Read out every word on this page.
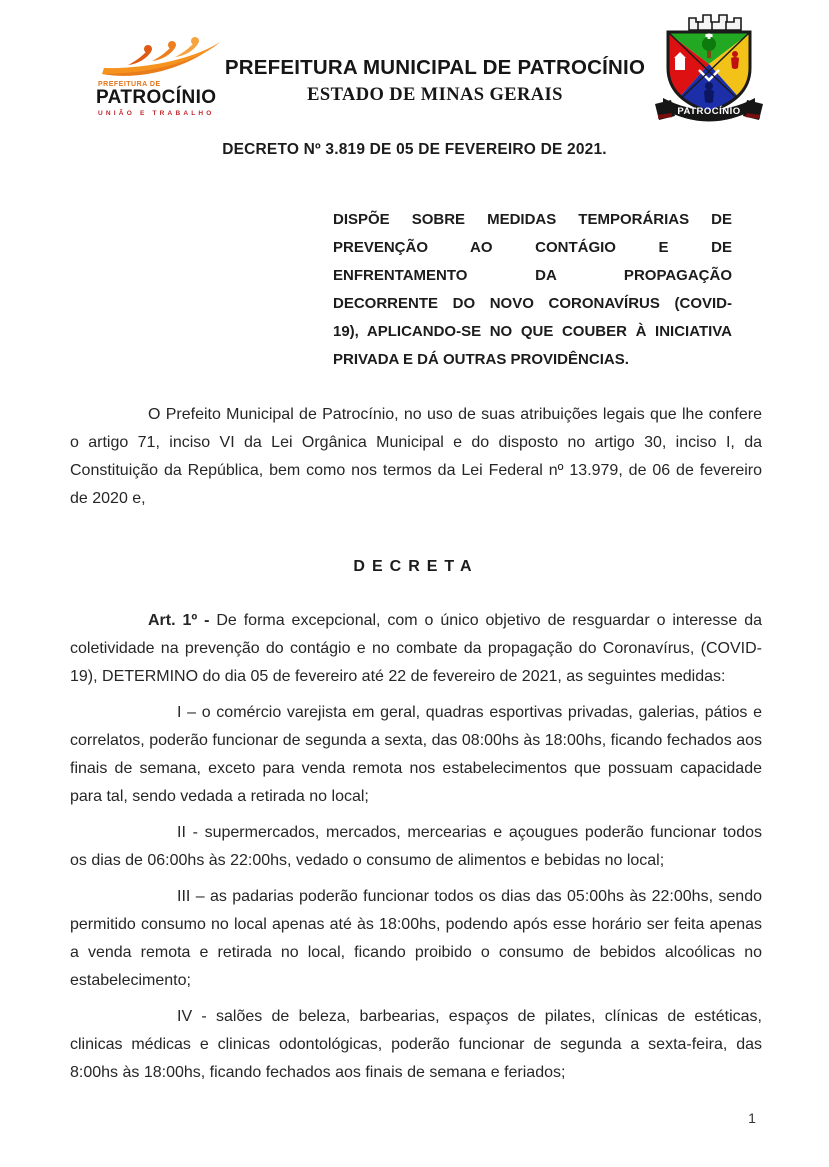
PREFEITURA DE
PATROCÍNIO
UNIÃO E TRABALHO
PREFEITURA MUNICIPAL DE PATROCÍNIO
ESTADO DE MINAS GERAIS
PATROCÍNIO
DECRETO Nº 3.819 DE 05 DE FEVEREIRO DE 2021.
DISPÕE SOBRE MEDIDAS TEMPORÁRIAS DE
PREVENÇÃO AO CONTÁGIO E DE
ENFRENTAMENTO DA PROPAGAÇÃO
DECORRENTE DO NOVO CORONAVÍRUS (COVID-
19), APLICANDO-SE NO QUE COUBER À INICIATIVA
PRIVADA E DÁ OUTRAS PROVIDÊNCIAS.

O Prefeito Municipal de Patrocínio, no uso de suas atribuições legais que lhe confere o artigo 71, inciso VI da Lei Orgânica Municipal e do disposto no artigo 30, inciso I, da Constituição da República, bem como nos termos da Lei Federal nº 13.979, de 06 de fevereiro de 2020 e,

DECRETA

Art. 1º - De forma excepcional, com o único objetivo de resguardar o interesse da coletividade na prevenção do contágio e no combate da propagação do Coronavírus, (COVID-19), DETERMINO do dia 05 de fevereiro até 22 de fevereiro de 2021, as seguintes medidas:

I – o comércio varejista em geral, quadras esportivas privadas, galerias, pátios e correlatos, poderão funcionar de segunda a sexta, das 08:00hs às 18:00hs, ficando fechados aos finais de semana, exceto para venda remota nos estabelecimentos que possuam capacidade para tal, sendo vedada a retirada no local;

II - supermercados, mercados, mercearias e açougues poderão funcionar todos os dias de 06:00hs às 22:00hs, vedado o consumo de alimentos e bebidas no local;

III – as padarias poderão funcionar todos os dias das 05:00hs às 22:00hs, sendo permitido consumo no local apenas até às 18:00hs, podendo após esse horário ser feita apenas a venda remota e retirada no local, ficando proibido o consumo de bebidos alcoólicas no estabelecimento;

IV - salões de beleza, barbearias, espaços de pilates, clínicas de estéticas, clinicas médicas e clinicas odontológicas, poderão funcionar de segunda a sexta-feira, das 8:00hs às 18:00hs, ficando fechados aos finais de semana e feriados;

1
